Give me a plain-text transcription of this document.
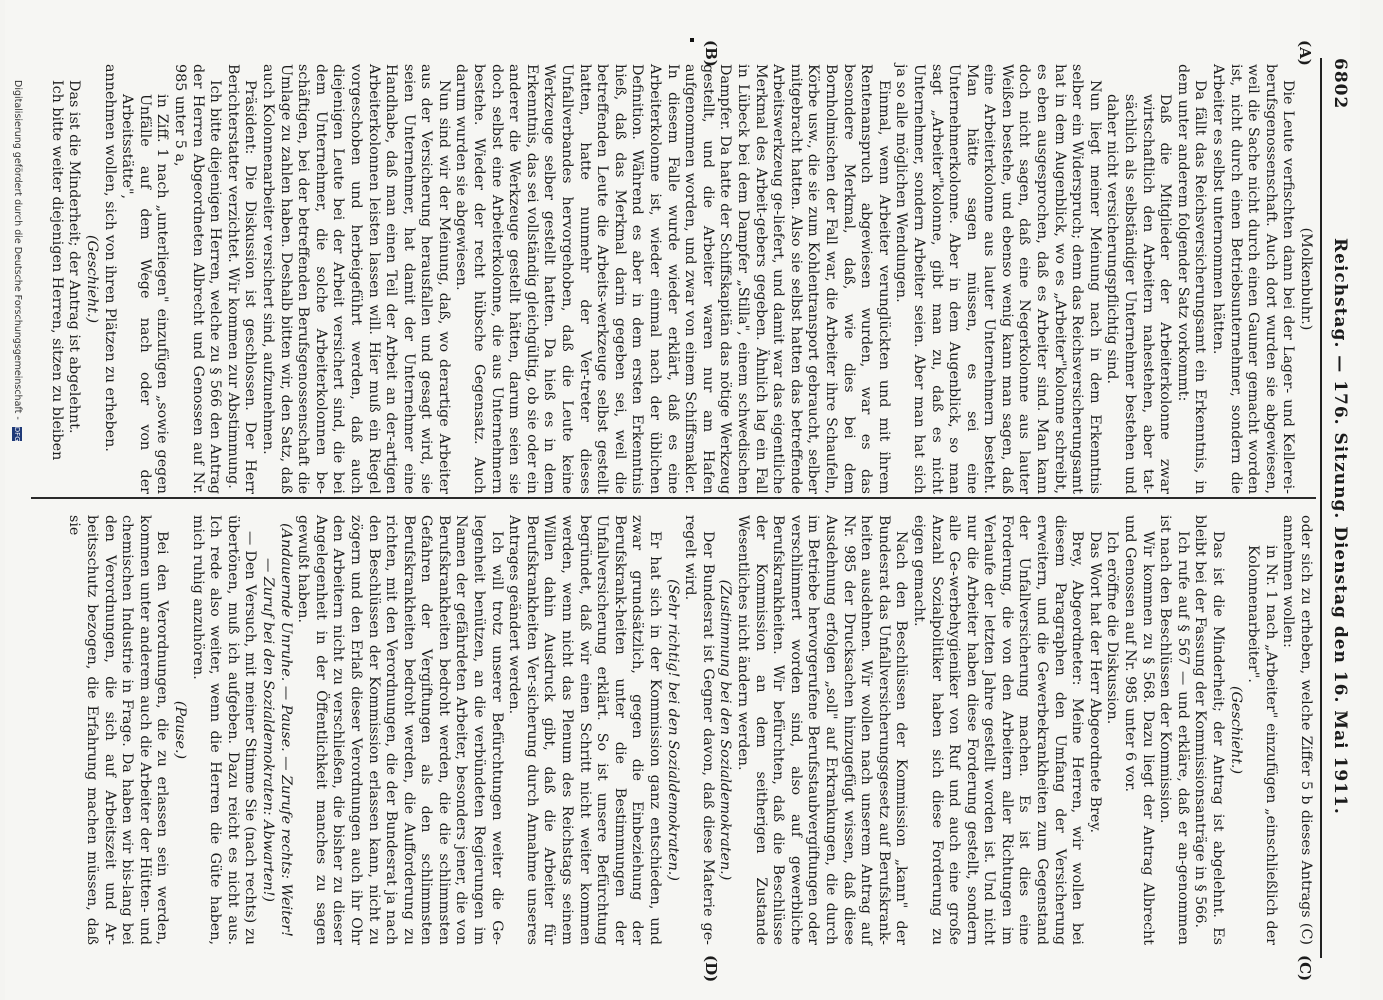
6802
Reichstag. — 176. Sitzung. Dienstag den 16. Mai 1911.
(A)
(B)
(C)
(D)

(Molkenbuhr.)

Die Leute verfischten dann bei der Lager- und Kellerei-berufsgenossenschaft. Auch dort wurden sie abgewiesen, weil die Sache nicht durch einen Gauner gemacht worden ist, nicht durch einen Betriebsunternehmer, sondern die Arbeiter es selbst unternommen hätten.

Da fällt das Reichsversicherungsamt ein Erkenntnis, in dem unter anderem folgender Satz vorkommt:

Daß die Mitglieder der Arbeiterkolonne zwar wirtschaftlich den Arbeitern nahestehen, aber tat-sächlich als selbständiger Unternehmer bestehen und daher nicht versicherungspflichtig sind.

Nun liegt meiner Meinung nach in dem Erkenntnis selber ein Widerspruch; denn das Reichsversicherungsamt hat in dem Augenblick, wo es „Arbeiter"kolonne schreibt, es eben ausgesprochen, daß es Arbeiter sind. Man kann doch nicht sagen, daß eine Negerkolonne aus lauter Weißen bestehe, und ebenso wenig kann man sagen, daß eine Arbeiterkolonne aus lauter Unternehmern besteht. Man hätte sagen müssen, es sei eine Unternehmerkolonne. Aber in dem Augenblick, so man sagt „Arbeiter"kolonne, gibt man zu, daß es nicht Unternehmer, sondern Arbeiter seien. Aber man hat sich ja so alle möglichen Wendungen.

Einmal, wenn Arbeiter verunglückten und mit ihrem Rentenanspruch abgewiesen wurden, war es das besondere Merkmal, daß, wie dies bei dem Bornholmischen der Fall war, die Arbeiter ihre Schaufeln, Körbe usw., die sie zum Kohlentransport gebraucht, selber mitgebracht hatten. Also sie selbst hatten das betreffende Arbeitswerkzeug ge-liefert, und damit war das eigentliche Merkmal des Arbeit-gebers gegeben. Ähnlich lag ein Fall in Lübeck bei dem Dampfer „Stilla", einem schwedischen Dampfer. Da hatte der Schiffskapitän das nötige Werkzeug gestellt, und die Arbeiter waren nur am Hafen aufgenommen worden, und zwar von einem Schiffsmakler. In diesem Falle wurde wieder erklärt, daß es eine Arbeiterkolonne ist, wieder einmal nach der üblichen Definition. Während es aber in dem ersten Erkenntnis hieß, daß das Merkmal darin gegeben sei, weil die betreffenden Leute die Arbeits-werkzeuge selbst gestellt hatten, hatte nunmehr der Ver-treter dieses Unfallverbandes hervorgehoben, daß die Leute keine Werkzeuge selber gestellt hatten. Da hieß es in dem Erkenntnis, das sei vollständig gleichgültig, ob sie oder ein anderer die Werkzeuge gestellt hätten, darum seien sie doch selbst eine Arbeiterkolonne, die aus Unternehmern bestehe. Wieder der recht hübsche Gegensatz. Auch darum wurden sie abgewiesen.

Nun sind wir der Meinung, daß, wo derartige Arbeiter aus der Versicherung herausfallen und gesagt wird, sie seien Unternehmer, hat damit der Unternehmer eine Handhabe, daß man einen Teil der Arbeit an der-artigen Arbeiterkolonnen leisten lassen will. Hier muß ein Riegel vorgeschoben und herbeigeführt werden, daß auch diejenigen Leute bei der Arbeit versichert sind, die bei dem Unternehmer, die solche Arbeiterkolonnen be-schäftigen, bei der betreffenden Berufsgenossenschaft die Umlage zu zahlen haben. Deshalb bitten wir, den Satz, daß auch Kolonnenarbeiter versichert sind, aufzunehmen.

Präsident: Die Diskussion ist geschlossen. Der Herr Berichterstatter verzichtet. Wir kommen zur Abstimmung.

Ich bitte diejenigen Herren, welche zu § 566 den Antrag der Herren Abgeordneten Albrecht und Genossen auf Nr. 985 unter 5 a,

in Ziff. 1 nach „unterliegen" einzufügen „sowie gegen Unfälle auf dem Wege nach oder von der Arbeitsstätte",

annehmen wollen, sich von ihren Plätzen zu erheben.

(Geschieht.)

Das ist die Minderheit; der Antrag ist abgelehnt.

Ich bitte weiter diejenigen Herren, sitzen zu bleiben

oder sich zu erheben, welche Ziffer 5 b dieses Antrags (C) annehmen wollen:

in Nr. 1 nach „Arbeiter" einzufügen „einschließlich der Kolonnenarbeiter".

(Geschieht.)

Das ist die Minderheit; der Antrag ist abgelehnt. Es bleibt bei der Fassung der Kommissionsanträge in § 566.

Ich rufe auf § 567 — und erkläre, daß er an-genommen ist nach den Beschlüssen der Kommission.

Wir kommen zu § 568. Dazu liegt der Antrag Albrecht und Genossen auf Nr. 985 unter 6 vor.

Ich eröffne die Diskussion.

Das Wort hat der Herr Abgeordnete Brey.

Brey, Abgeordneter: Meine Herren, wir wollen bei diesem Paragraphen den Umfang der Versicherung erweitern, und die Gewerbekrankheiten zum Gegenstand der Unfallversicherung machen. Es ist dies eine Forderung, die von den Arbeitern aller Richtungen im Verlaufe der letzten Jahre gestellt worden ist. Und nicht nur die Arbeiter haben diese Forderung gestellt, sondern alle Ge-werbehygieniker von Ruf und auch eine große Anzahl Sozialpolitiker haben sich diese Forderung zu eigen gemacht.

Nach den Beschlüssen der Kommission „kann" der Bundesrat das Unfallversicherungsgesetz auf Berufskrank-heiten ausdehnen. Wir wollen nach unserem Antrag auf Nr. 985 der Drucksachen hinzugefügt wissen, daß diese Ausdehnung erfolgen „soll" auf Erkrankungen, die durch im Betriebe hervorgerufene Berufsstaubvergiftungen oder verschlimmert worden sind, also auf gewerbliche Berufskrankheiten. Wir befürchten, daß die Beschlüsse der Kommission an dem seitherigen Zustande Wesentliches nicht ändern werden.

(Zustimmung bei den Sozialdemokraten.)

Der Bundesrat ist Gegner davon, daß diese Materie ge-regelt wird.

(Sehr richtig! bei den Sozialdemokraten.)

Er hat sich in der Kommission ganz entschieden, und zwar grundsätzlich, gegen die Einbeziehung der Berufskrank-heiten unter die Bestimmungen der Unfallversicherung erklärt. So ist unsere Befürchtung begründet, daß wir einen Schritt nicht weiter kommen werden, wenn nicht das Plenum des Reichstags seinem Willen dahin Ausdruck gibt, daß die Arbeiter für Berufskrankheiten Ver-sicherung durch Annahme unseres Antrages geändert werden.

Ich will trotz unserer Befürchtungen weiter die Ge-legenheit benützen, an die verbündeten Regierungen im Namen der gefährdeten Arbeiter, besonders jener, die von Berufskrankheiten bedroht werden, die die schlimmsten Gefahren der Vergiftungen als den schlimmsten Berufskrankheiten bedroht werden, die Aufforderung zu richten, mit den Verordnungen, die der Bundesrat ja nach den Beschlüssen der Kommission erlassen kann, nicht zu zögern und den Erlaß dieser Verordnungen auch ihr Ohr den Arbeitern nicht zu verschließen, die bisher zu dieser Angelegenheit in der Öffentlichkeit manches zu sagen gewußt haben.

(Andauernde Unruhe. — Pause. — Zurufe rechts: Weiter! — Zuruf bei den Sozialdemokraten: Abwarten!)

— Den Versuch, mit meiner Stimme Sie (nach rechts) zu übertönen, muß ich aufgeben. Dazu reicht es nicht aus. Ich rede also weiter, wenn die Herren die Güte haben, mich ruhig anzuhören.

(Pause.)

Bei den Verordnungen, die zu erlassen sein werden, kommen unter anderem auch die Arbeiter der Hütten- und chemischen Industrie in Frage. Da haben wir bis-lang bei den Verordnungen, die sich auf Arbeitszeit und Ar-beitsschutz bezogen, die Erfahrung machen müssen, daß sie

Digitalisierung gefördert durch die Deutsche Forschungsgemeinschaft - DFG
